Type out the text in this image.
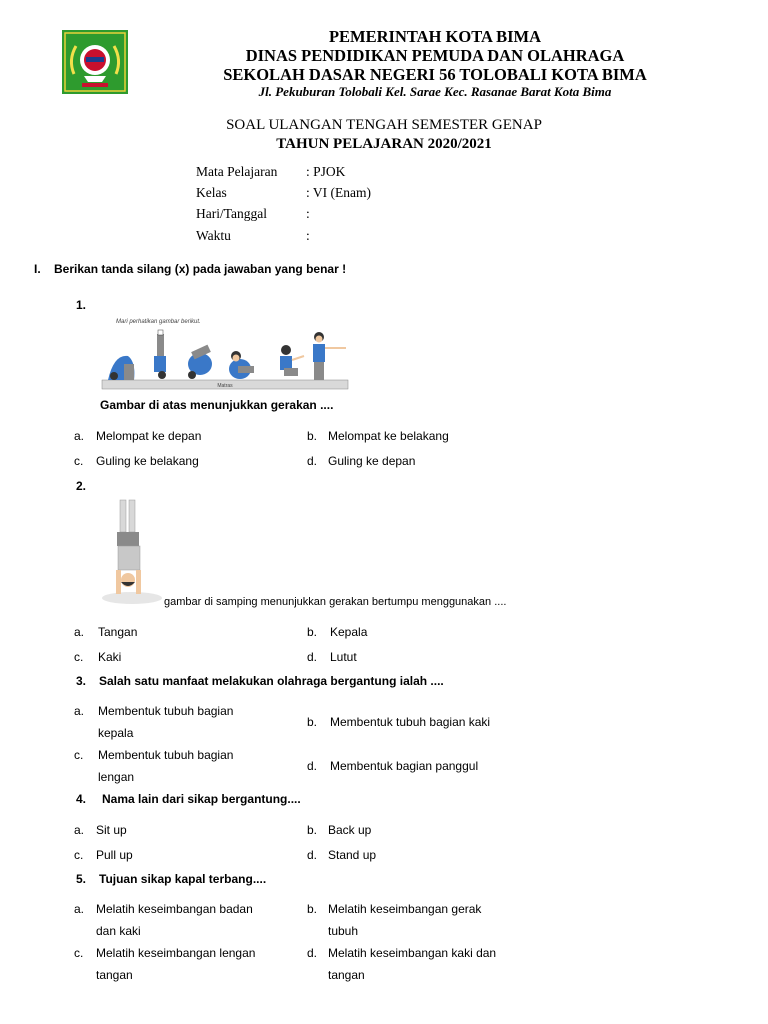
PEMERINTAH KOTA BIMA
DINAS PENDIDIKAN PEMUDA DAN OLAHRAGA
SEKOLAH DASAR NEGERI 56 TOLOBALI KOTA BIMA
Jl. Pekuburan Tolobali Kel. Sarae Kec. Rasanae Barat Kota Bima
SOAL ULANGAN TENGAH SEMESTER GENAP
TAHUN PELAJARAN 2020/2021
Mata Pelajaran : PJOK
Kelas	: VI (Enam)
Hari/Tanggal	:
Waktu	:
I. Berikan tanda silang (x) pada jawaban yang benar !
1.
Mari perhatikan gambar berikut.
Matras
Gambar di atas menunjukkan gerakan ....
a. Melompat ke depan	b. Melompat ke belakang
c. Guling ke belakang	d. Guling ke depan
2.
gambar di samping menunjukkan gerakan bertumpu menggunakan ....
a. Tangan	b. Kepala
c. Kaki	d. Lutut
3. Salah satu manfaat melakukan olahraga bergantung ialah ....
a. Membentuk tubuh bagian
kepala
b. Membentuk tubuh bagian kaki
c. Membentuk tubuh bagian
lengan
d. Membentuk bagian panggul
4. Nama lain dari sikap bergantung....
a. Sit up	b. Back up
c. Pull up	d. Stand up
5. Tujuan sikap kapal terbang....
a. Melatih keseimbangan badan
dan kaki
b. Melatih keseimbangan gerak
tubuh
c. Melatih keseimbangan lengan
tangan
d. Melatih keseimbangan kaki dan
tangan
